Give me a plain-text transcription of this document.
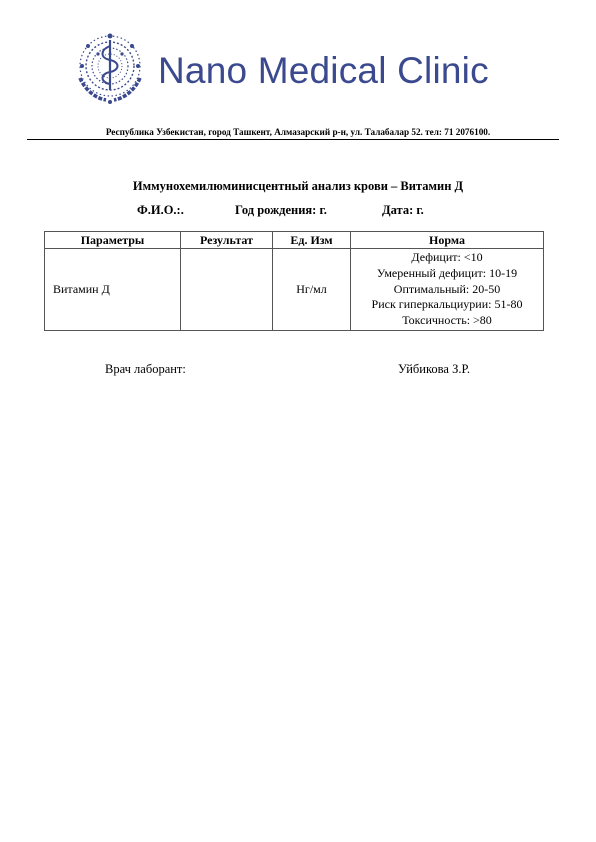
Nano Medical Clinic
Республика Узбекистан, город Ташкент, Алмазарский р-н, ул. Талабалар 52. тел: 71 2076100.
Иммунохемилюминисцентный анализ крови – Витамин Д
Ф.И.О.:.	Год рождения: г.	Дата: г.
Параметры	Результат	Ед. Изм	Норма
Витамин Д		Нг/мл	Дефицит: <10
Умеренный дефицит: 10-19
Оптимальный: 20-50
Риск гиперкальциурии: 51-80
Токсичность: >80
Врач лаборант:	Уйбикова З.Р.
